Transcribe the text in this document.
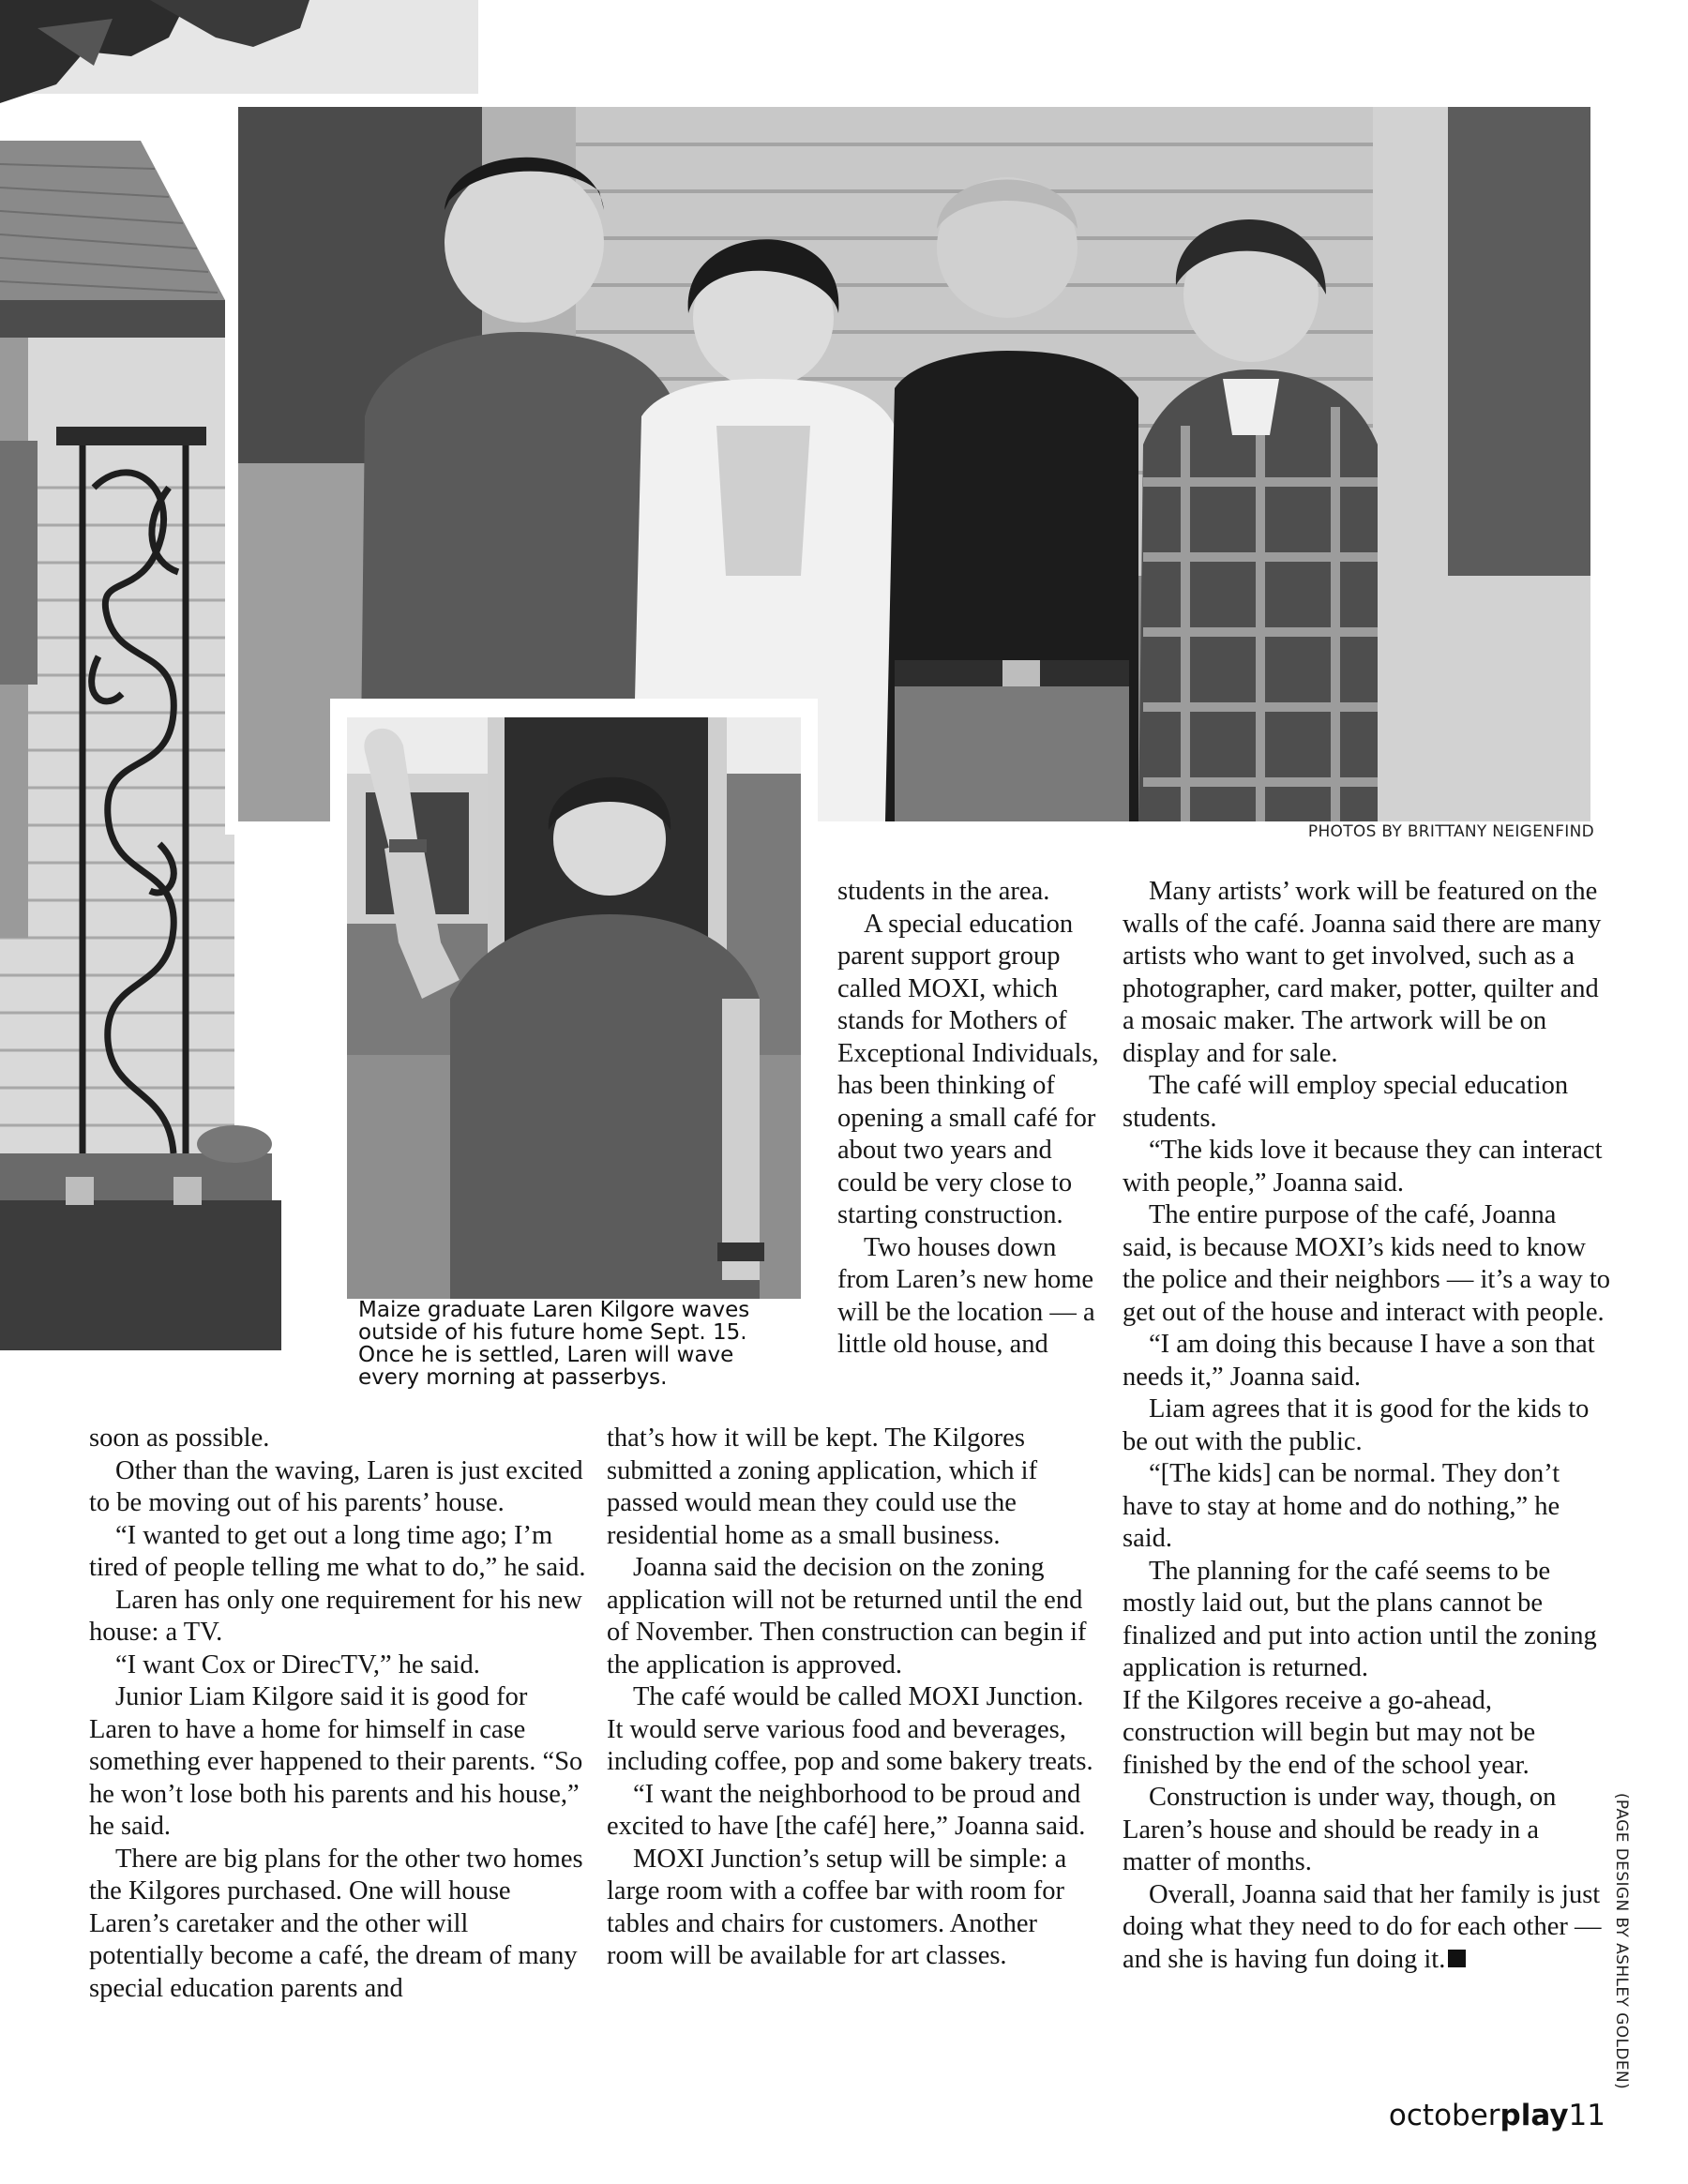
PHOTOS BY BRITTANY NEIGENFIND
Maize graduate Laren Kilgore waves outside of his future home Sept. 15. Once he is settled, Laren will wave every morning at passerbys.

soon as possible.

Other than the waving, Laren is just excited to be moving out of his parents’ house.

“I wanted to get out a long time ago; I’m tired of people telling me what to do,” he said.

Laren has only one requirement for his new house: a TV.

“I want Cox or DirecTV,” he said.

Junior Liam Kilgore said it is good for Laren to have a home for himself in case something ever happened to their parents. “So he won’t lose both his parents and his house,” he said.

There are big plans for the other two homes the Kilgores purchased. One will house Laren’s caretaker and the other will potentially become a café, the dream of many special education parents and

students in the area.

A special education parent support group called MOXI, which stands for Mothers of Exceptional Individuals, has been thinking of opening a small café for about two years and could be very close to starting construction.

Two houses down from Laren’s new home will be the location — a little old house, and

that’s how it will be kept. The Kilgores submitted a zoning application, which if passed would mean they could use the residential home as a small business.

Joanna said the decision on the zoning application will not be returned until the end of November. Then construction can begin if the application is approved.

The café would be called MOXI Junction. It would serve various food and beverages, including coffee, pop and some bakery treats.

“I want the neighborhood to be proud and excited to have [the café] here,” Joanna said.

MOXI Junction’s setup will be simple: a large room with a coffee bar with room for tables and chairs for customers. Another room will be available for art classes.

Many artists’ work will be featured on the walls of the café. Joanna said there are many artists who want to get involved, such as a photographer, card maker, potter, quilter and a mosaic maker. The artwork will be on display and for sale.

The café will employ special education students.

“The kids love it because they can interact with people,” Joanna said.

The entire purpose of the café, Joanna said, is because MOXI’s kids need to know the police and their neighbors — it’s a way to get out of the house and interact with people.

“I am doing this because I have a son that needs it,” Joanna said.

Liam agrees that it is good for the kids to be out with the public.

“[The kids] can be normal. They don’t have to stay at home and do nothing,” he said.

The planning for the café seems to be mostly laid out, but the plans cannot be finalized and put into action until the zoning application is returned.

If the Kilgores receive a go-ahead, construction will begin but may not be finished by the end of the school year.

Construction is under way, though, on Laren’s house and should be ready in a matter of months.

Overall, Joanna said that her family is just doing what they need to do for each other — and she is having fun doing it.	(PAGE DESIGN BY ASHLEY GOLDEN)
octoberplay11
